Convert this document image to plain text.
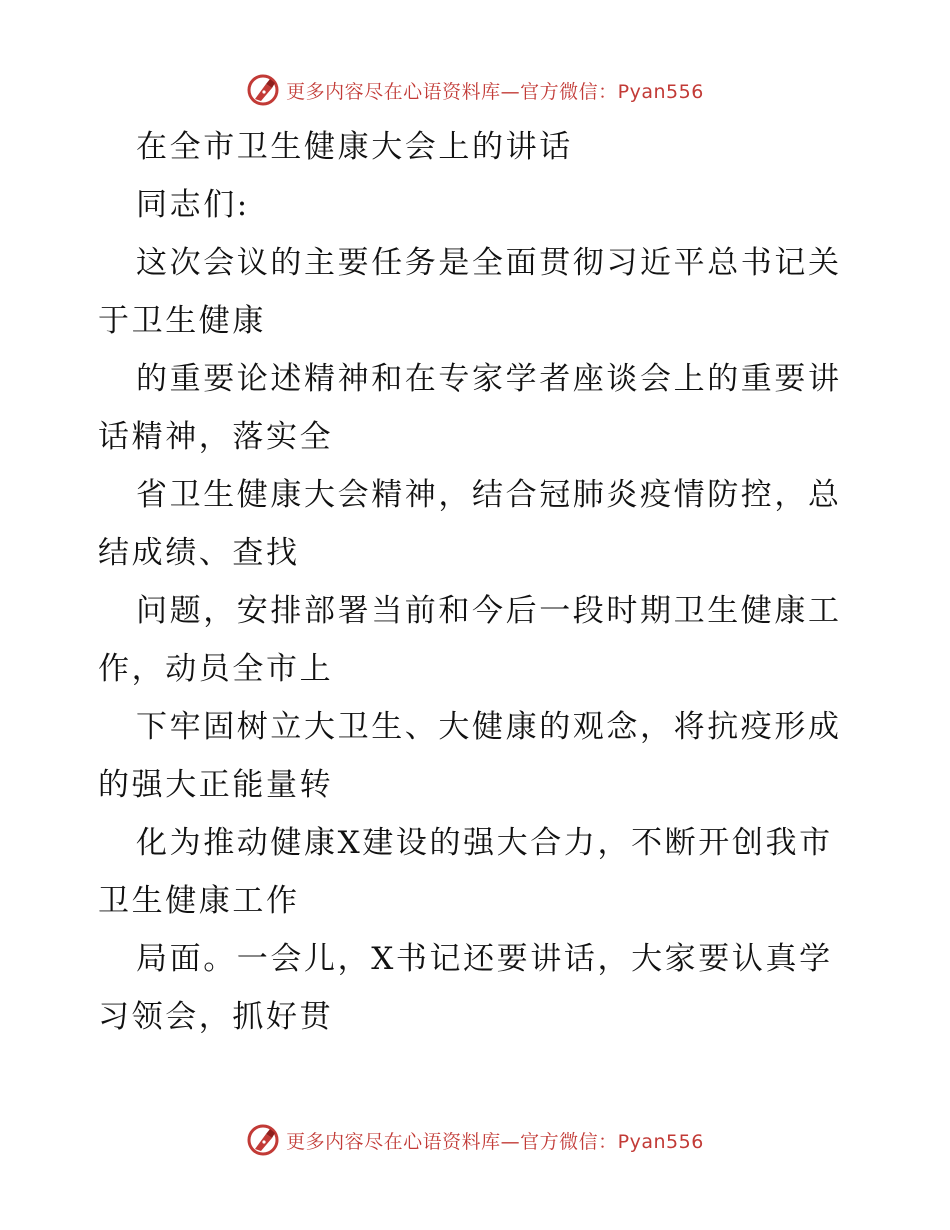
更多内容尽在心语资料库—官方微信：Pyan556
在全市卫生健康大会上的讲话
同志们:
这次会议的主要任务是全面贯彻习近平总书记关
于卫生健康
的重要论述精神和在专家学者座谈会上的重要讲
话精神，落实全
省卫生健康大会精神，结合冠肺炎疫情防控，总
结成绩、查找
问题，安排部署当前和今后一段时期卫生健康工
作，动员全市上
下牢固树立大卫生、大健康的观念，将抗疫形成
的强大正能量转
化为推动健康X建设的强大合力，不断开创我市
卫生健康工作
局面。一会儿，X书记还要讲话，大家要认真学
习领会，抓好贯
更多内容尽在心语资料库—官方微信：Pyan556
